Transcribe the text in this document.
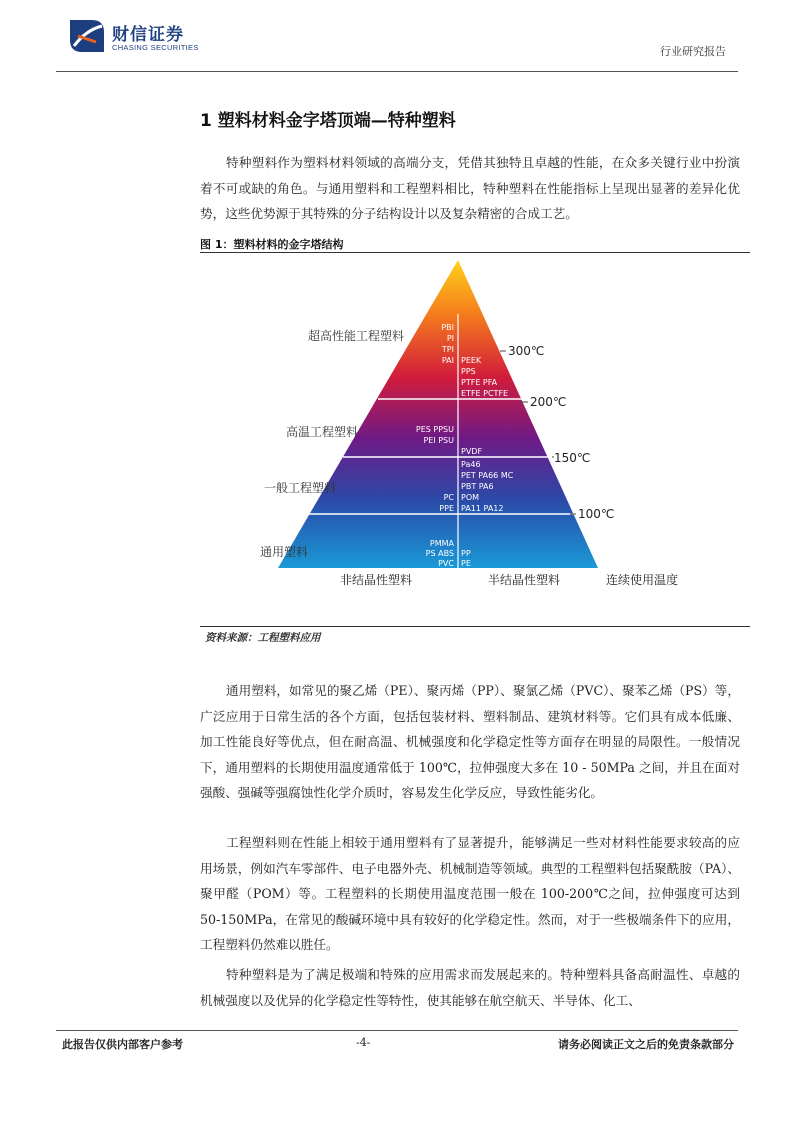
财信证券
CHASING SECURITIES	行业研究报告
1 塑料材料金字塔顶端—特种塑料
特种塑料作为塑料材料领域的高端分支，凭借其独特且卓越的性能，在众多关键行业中扮演着不可或缺的角色。与通用塑料和工程塑料相比，特种塑料在性能指标上呈现出显著的差异化优势，这些优势源于其特殊的分子结构设计以及复杂精密的合成工艺。
图 1：塑料材料的金字塔结构
超高性能工程塑料
高温工程塑料
一般工程塑料
通用塑料
300℃
200℃
150℃
100℃
PBI
PI
TPI
PAI PEEK
PPS
PTFE PFA
ETFE PCTFE
PES PPSU
PEI PSU
PVDF
PC
PPE
Pa46
PET PA66 MC
PBT PA6
POM
PA11 PA12
PMMA
PS ABS
PVC
PP
PE
非结晶性塑料	半结晶性塑料	连续使用温度
资料来源：工程塑料应用
通用塑料，如常见的聚乙烯（PE）、聚丙烯（PP）、聚氯乙烯（PVC）、聚苯乙烯（PS）等，广泛应用于日常生活的各个方面，包括包装材料、塑料制品、建筑材料等。它们具有成本低廉、加工性能良好等优点，但在耐高温、机械强度和化学稳定性等方面存在明显的局限性。一般情况下，通用塑料的长期使用温度通常低于 100℃，拉伸强度大多在 10 - 50MPa 之间，并且在面对强酸、强碱等强腐蚀性化学介质时，容易发生化学反应，导致性能劣化。
工程塑料则在性能上相较于通用塑料有了显著提升，能够满足一些对材料性能要求较高的应用场景，例如汽车零部件、电子电器外壳、机械制造等领域。典型的工程塑料包括聚酰胺（PA）、聚甲醛（POM）等。工程塑料的长期使用温度范围一般在 100-200℃之间，拉伸强度可达到 50-150MPa，在常见的酸碱环境中具有较好的化学稳定性。然而，对于一些极端条件下的应用，工程塑料仍然难以胜任。
特种塑料是为了满足极端和特殊的应用需求而发展起来的。特种塑料具备高耐温性、卓越的机械强度以及优异的化学稳定性等特性，使其能够在航空航天、半导体、化工、
此报告仅供内部客户参考	-4-	请务必阅读正文之后的免责条款部分
